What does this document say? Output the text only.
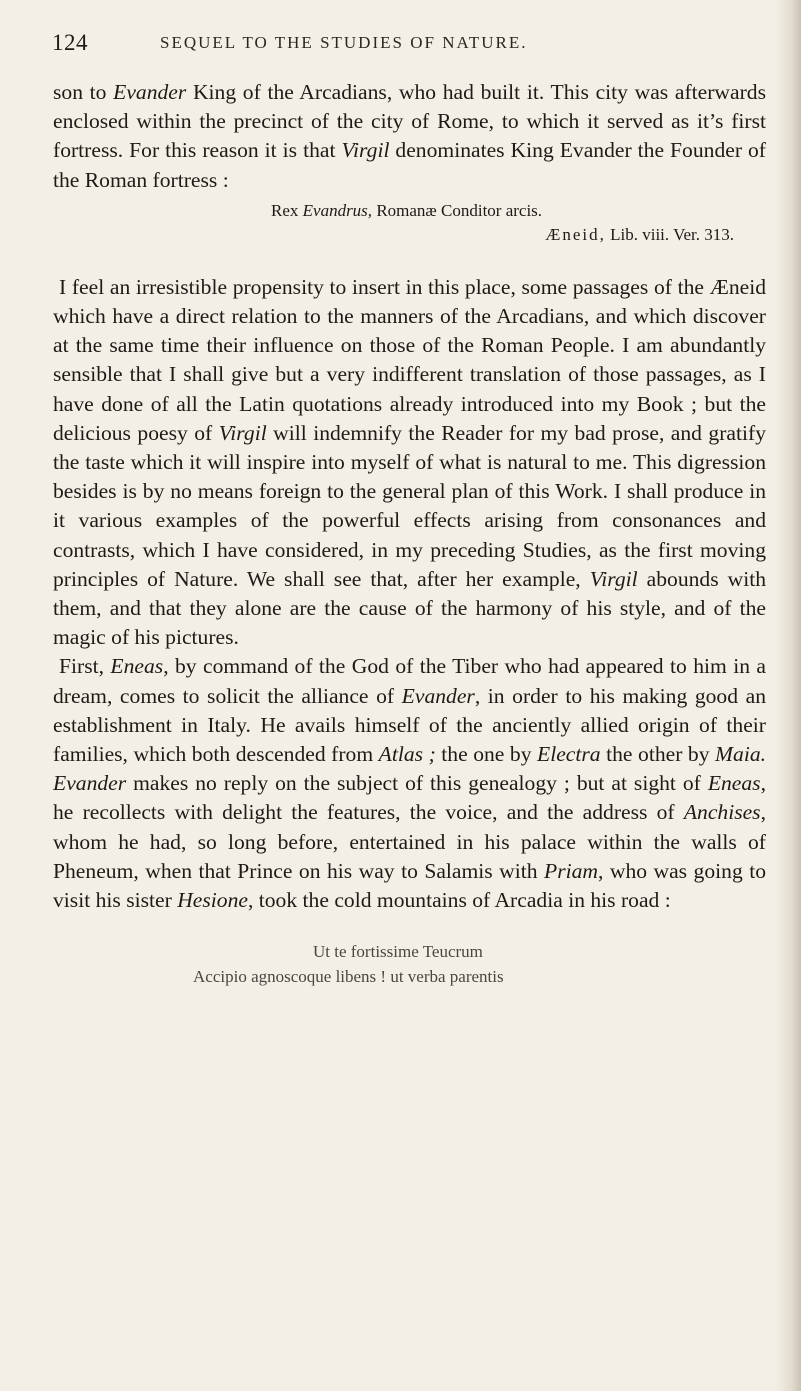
124	SEQUEL TO THE STUDIES OF NATURE.

son to Evander King of the Arcadians, who had built it. This city was afterwards enclosed within the precinct of the city of Rome, to which it served as it’s first fortress. For this reason it is that Virgil denominates King Evander the Founder of the Roman fortress :

Rex Evandrus, Romanæ Conditor arcis.
Æneid, Lib. viii. Ver. 313.

I feel an irresistible propensity to insert in this place, some passages of the Æneid which have a direct relation to the manners of the Arcadians, and which discover at the same time their influence on those of the Roman People. I am abundantly sensible that I shall give but a very indifferent translation of those passages, as I have done of all the Latin quotations already introduced into my Book ; but the delicious poesy of Virgil will indemnify the Reader for my bad prose, and gratify the taste which it will inspire into myself of what is natural to me. This digression besides is by no means foreign to the general plan of this Work. I shall produce in it various examples of the powerful effects arising from consonances and contrasts, which I have considered, in my preceding Studies, as the first moving principles of Nature. We shall see that, after her example, Virgil abounds with them, and that they alone are the cause of the harmony of his style, and of the magic of his pictures.

First, Eneas, by command of the God of the Tiber who had appeared to him in a dream, comes to solicit the alliance of Evander, in order to his making good an establishment in Italy. He avails himself of the anciently allied origin of their families, which both descended from Atlas ; the one by Electra the other by Maia. Evander makes no reply on the subject of this genealogy ; but at sight of Eneas, he recollects with delight the features, the voice, and the address of Anchises, whom he had, so long before, entertained in his palace within the walls of Pheneum, when that Prince on his way to Salamis with Priam, who was going to visit his sister Hesione, took the cold mountains of Arcadia in his road :

Ut te fortissime Teucrum
Accipio agnoscoque libens ! ut verba parentis
